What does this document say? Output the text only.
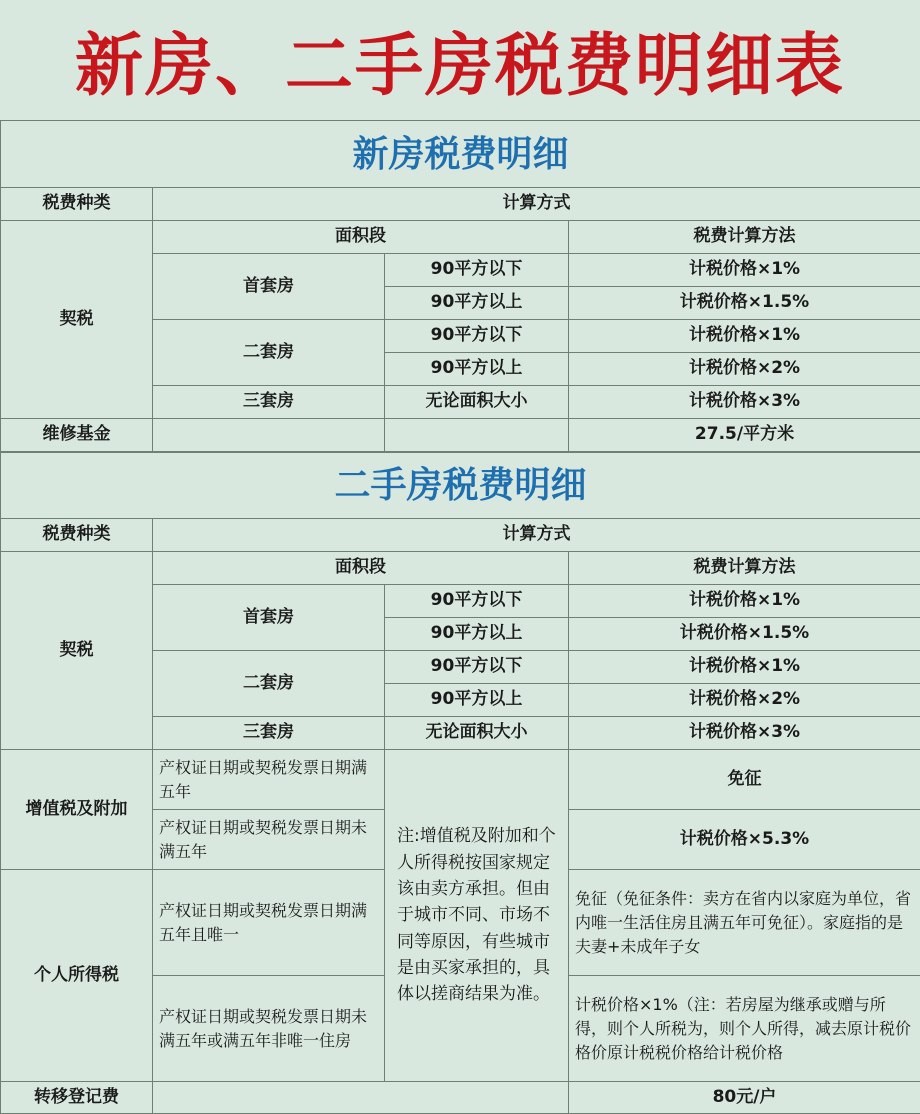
新房、二手房税费明细表
新房税费明细			
税费种类	计算方式		
契税	面积段		税费计算方法
	首套房	90平方以下	计税价格×1%
		90平方以上	计税价格×1.5%
	二套房	90平方以下	计税价格×1%
		90平方以上	计税价格×2%
	三套房	无论面积大小	计税价格×3%
维修基金			27.5/平方米
二手房税费明细			
税费种类	计算方式		
契税	面积段		税费计算方法
	首套房	90平方以下	计税价格×1%
		90平方以上	计税价格×1.5%
	二套房	90平方以下	计税价格×1%
		90平方以上	计税价格×2%
	三套房	无论面积大小	计税价格×3%
增值税及附加	产权证日期或契税发票日期满五年	注:增值税及附加和个人所得税按国家规定该由卖方承担。但由于城市不同、市场不同等原因，有些城市是由买家承担的，具体以搓商结果为准。	免征
	产权证日期或契税发票日期未满五年		计税价格×5.3%
个人所得税	产权证日期或契税发票日期满五年且唯一		免征（免征条件：卖方在省内以家庭为单位，省内唯一生活住房且满五年可免征）。家庭指的是夫妻+未成年子女
	产权证日期或契税发票日期未满五年或满五年非唯一住房		计税价格×1%（注：若房屋为继承或赠与所得，则个人所税为，则个人所得，减去原计税价格价原计税税价格给计税价格
转移登记费			80元/户
